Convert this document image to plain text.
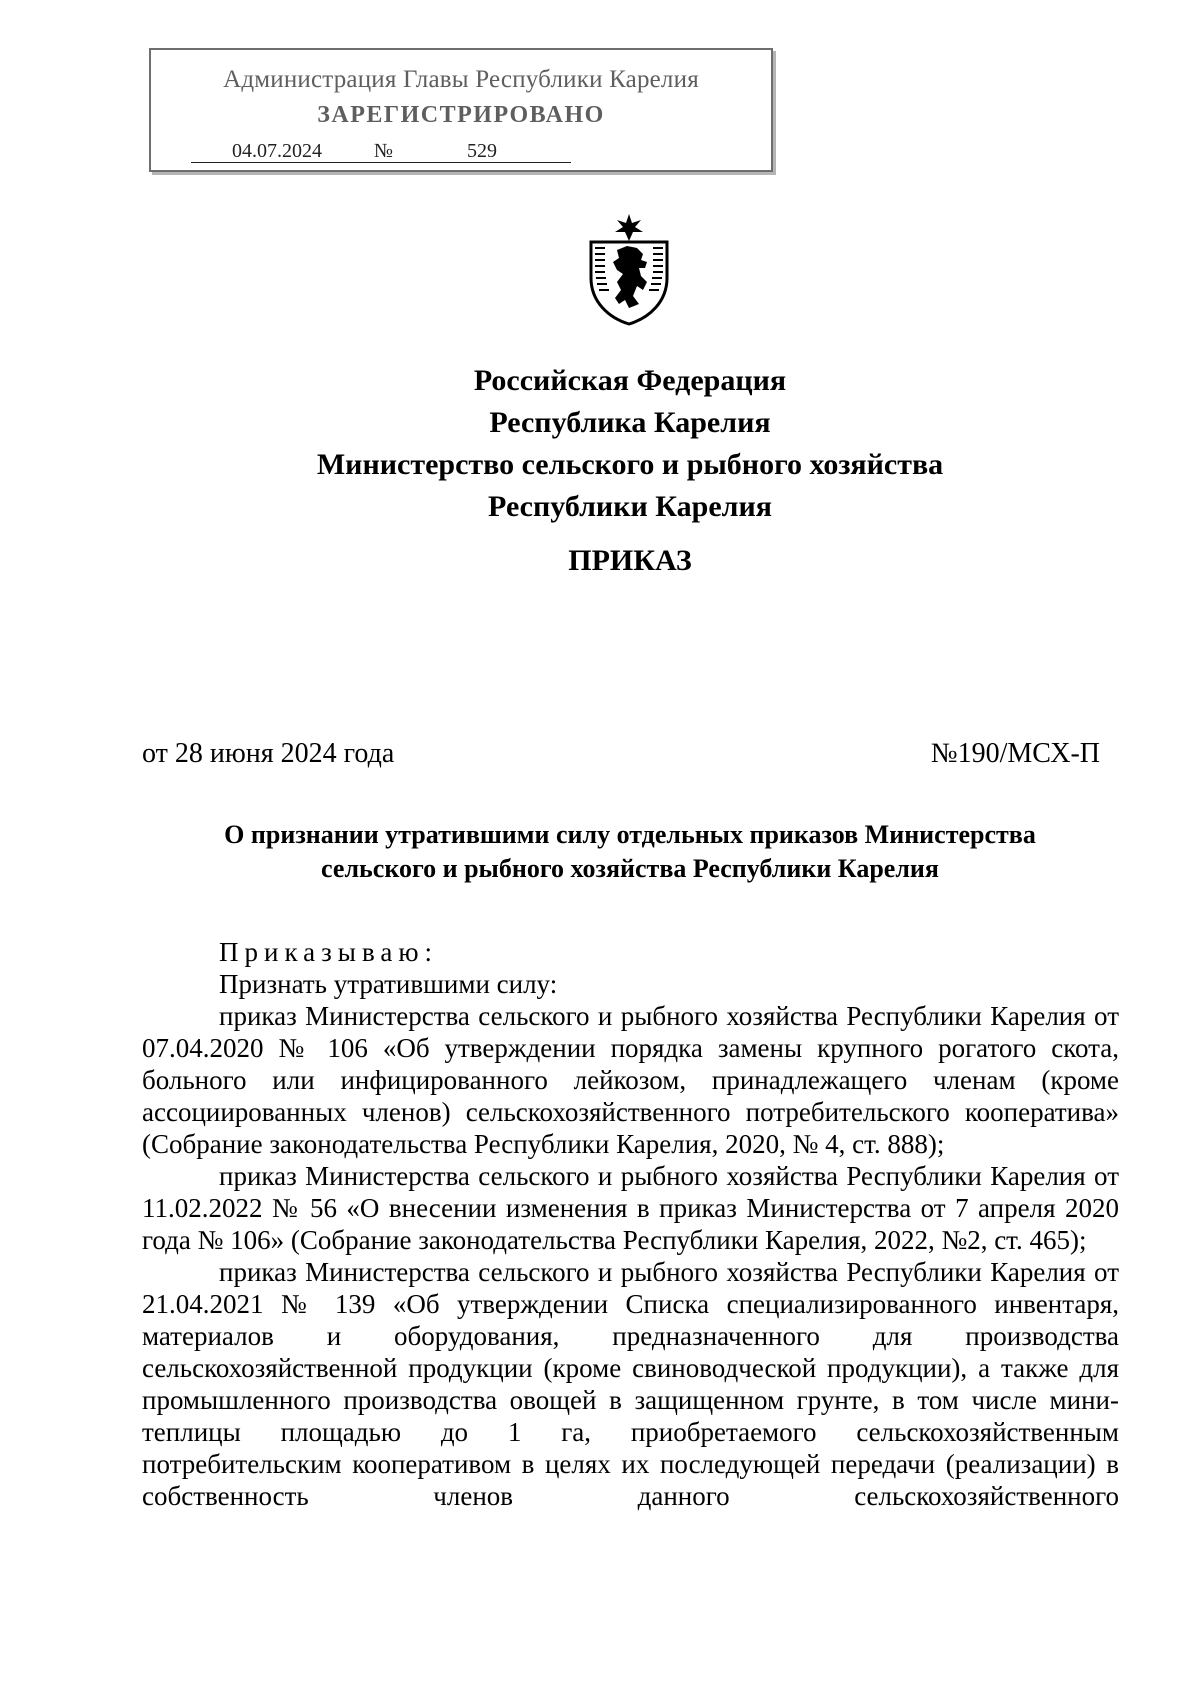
Администрация Главы Республики Карелия
ЗАРЕГИСТРИРОВАНО
04.07.2024	№	529
Российская Федерация
Республика Карелия
Министерство сельского и рыбного хозяйства
Республики Карелия
ПРИКАЗ
от 28 июня 2024 года	№190/МСХ-П
О признании утратившими силу отдельных приказов Министерства
сельского и рыбного хозяйства Республики Карелия

Приказываю:

Признать утратившими силу:

приказ Министерства сельского и рыбного хозяйства Республики Карелия от 07.04.2020 № 106 «Об утверждении порядка замены крупного рогатого скота, больного или инфицированного лейкозом, принадлежащего членам (кроме ассоциированных членов) сельскохозяйственного потребительского кооператива» (Собрание законодательства Республики Карелия, 2020, № 4, ст. 888);

приказ Министерства сельского и рыбного хозяйства Республики Карелия от 11.02.2022 № 56 «О внесении изменения в приказ Министерства от 7 апреля 2020 года № 106» (Собрание законодательства Республики Карелия, 2022, №2, ст. 465);

приказ Министерства сельского и рыбного хозяйства Республики Карелия от 21.04.2021 № 139 «Об утверждении Списка специализированного инвентаря, материалов и оборудования, предназначенного для производства сельскохозяйственной продукции (кроме свиноводческой продукции), а также для промышленного производства овощей в защищенном грунте, в том числе мини-теплицы площадью до 1 га, приобретаемого сельскохозяйственным потребительским кооперативом в целях их последующей передачи (реализации) в собственность членов данного сельскохозяйственного
